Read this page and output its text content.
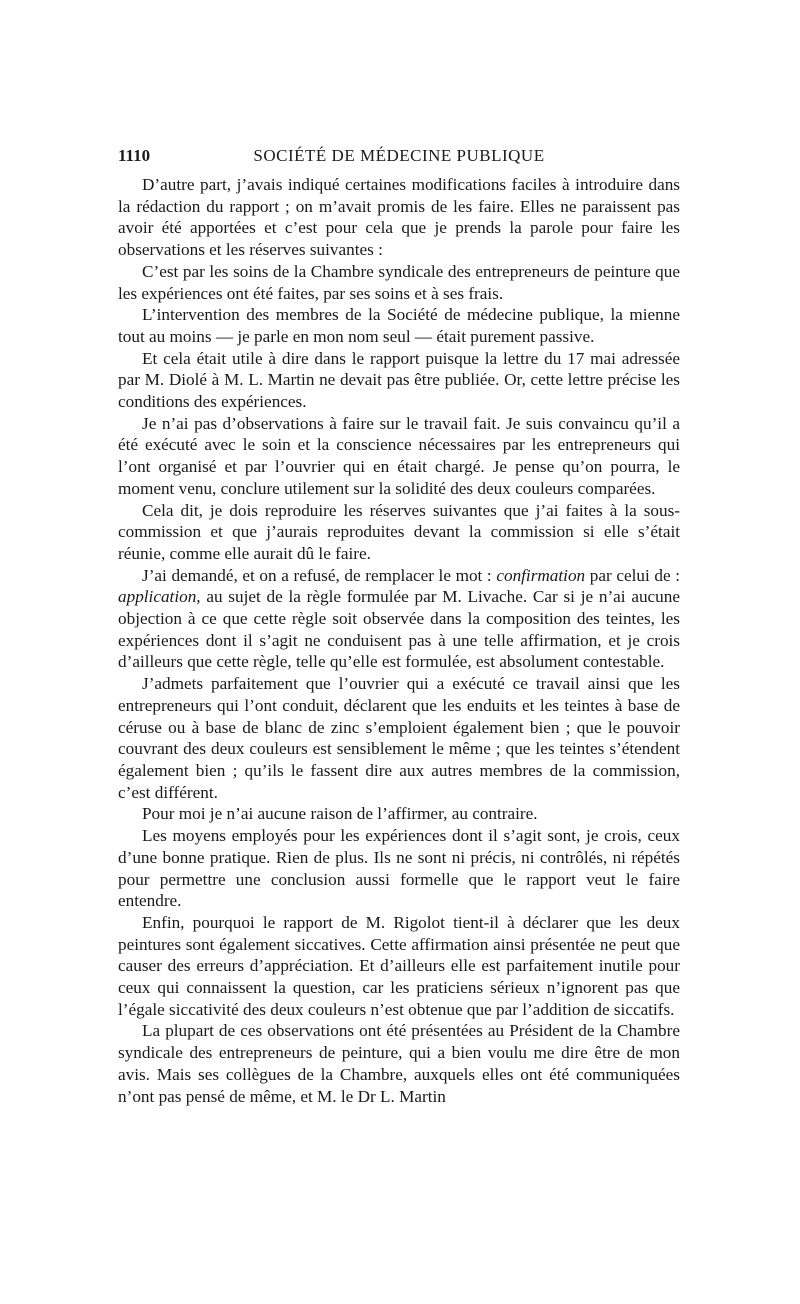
1110	SOCIÉTÉ DE MÉDECINE PUBLIQUE

D’autre part, j’avais indiqué certaines modifications faciles à introduire dans la rédaction du rapport ; on m’avait promis de les faire. Elles ne paraissent pas avoir été apportées et c’est pour cela que je prends la parole pour faire les observations et les réserves suivantes :

C’est par les soins de la Chambre syndicale des entrepreneurs de peinture que les expériences ont été faites, par ses soins et à ses frais.

L’intervention des membres de la Société de médecine publique, la mienne tout au moins — je parle en mon nom seul — était purement passive.

Et cela était utile à dire dans le rapport puisque la lettre du 17 mai adressée par M. Diolé à M. L. Martin ne devait pas être publiée. Or, cette lettre précise les conditions des expériences.

Je n’ai pas d’observations à faire sur le travail fait. Je suis convaincu qu’il a été exécuté avec le soin et la conscience nécessaires par les entrepreneurs qui l’ont organisé et par l’ouvrier qui en était chargé. Je pense qu’on pourra, le moment venu, conclure utilement sur la solidité des deux couleurs comparées.

Cela dit, je dois reproduire les réserves suivantes que j’ai faites à la sous-commission et que j’aurais reproduites devant la commission si elle s’était réunie, comme elle aurait dû le faire.

J’ai demandé, et on a refusé, de remplacer le mot : confirmation par celui de : application, au sujet de la règle formulée par M. Livache. Car si je n’ai aucune objection à ce que cette règle soit observée dans la composition des teintes, les expériences dont il s’agit ne conduisent pas à une telle affirmation, et je crois d’ailleurs que cette règle, telle qu’elle est formulée, est absolument contestable.

J’admets parfaitement que l’ouvrier qui a exécuté ce travail ainsi que les entrepreneurs qui l’ont conduit, déclarent que les enduits et les teintes à base de céruse ou à base de blanc de zinc s’emploient également bien ; que le pouvoir couvrant des deux couleurs est sensiblement le même ; que les teintes s’étendent également bien ; qu’ils le fassent dire aux autres membres de la commission, c’est différent.

Pour moi je n’ai aucune raison de l’affirmer, au contraire.

Les moyens employés pour les expériences dont il s’agit sont, je crois, ceux d’une bonne pratique. Rien de plus. Ils ne sont ni précis, ni contrôlés, ni répétés pour permettre une conclusion aussi formelle que le rapport veut le faire entendre.

Enfin, pourquoi le rapport de M. Rigolot tient-il à déclarer que les deux peintures sont également siccatives. Cette affirmation ainsi présentée ne peut que causer des erreurs d’appréciation. Et d’ailleurs elle est parfaitement inutile pour ceux qui connaissent la question, car les praticiens sérieux n’ignorent pas que l’égale siccativité des deux couleurs n’est obtenue que par l’addition de siccatifs.

La plupart de ces observations ont été présentées au Président de la Chambre syndicale des entrepreneurs de peinture, qui a bien voulu me dire être de mon avis. Mais ses collègues de la Chambre, auxquels elles ont été communiquées n’ont pas pensé de même, et M. le Dr L. Martin
